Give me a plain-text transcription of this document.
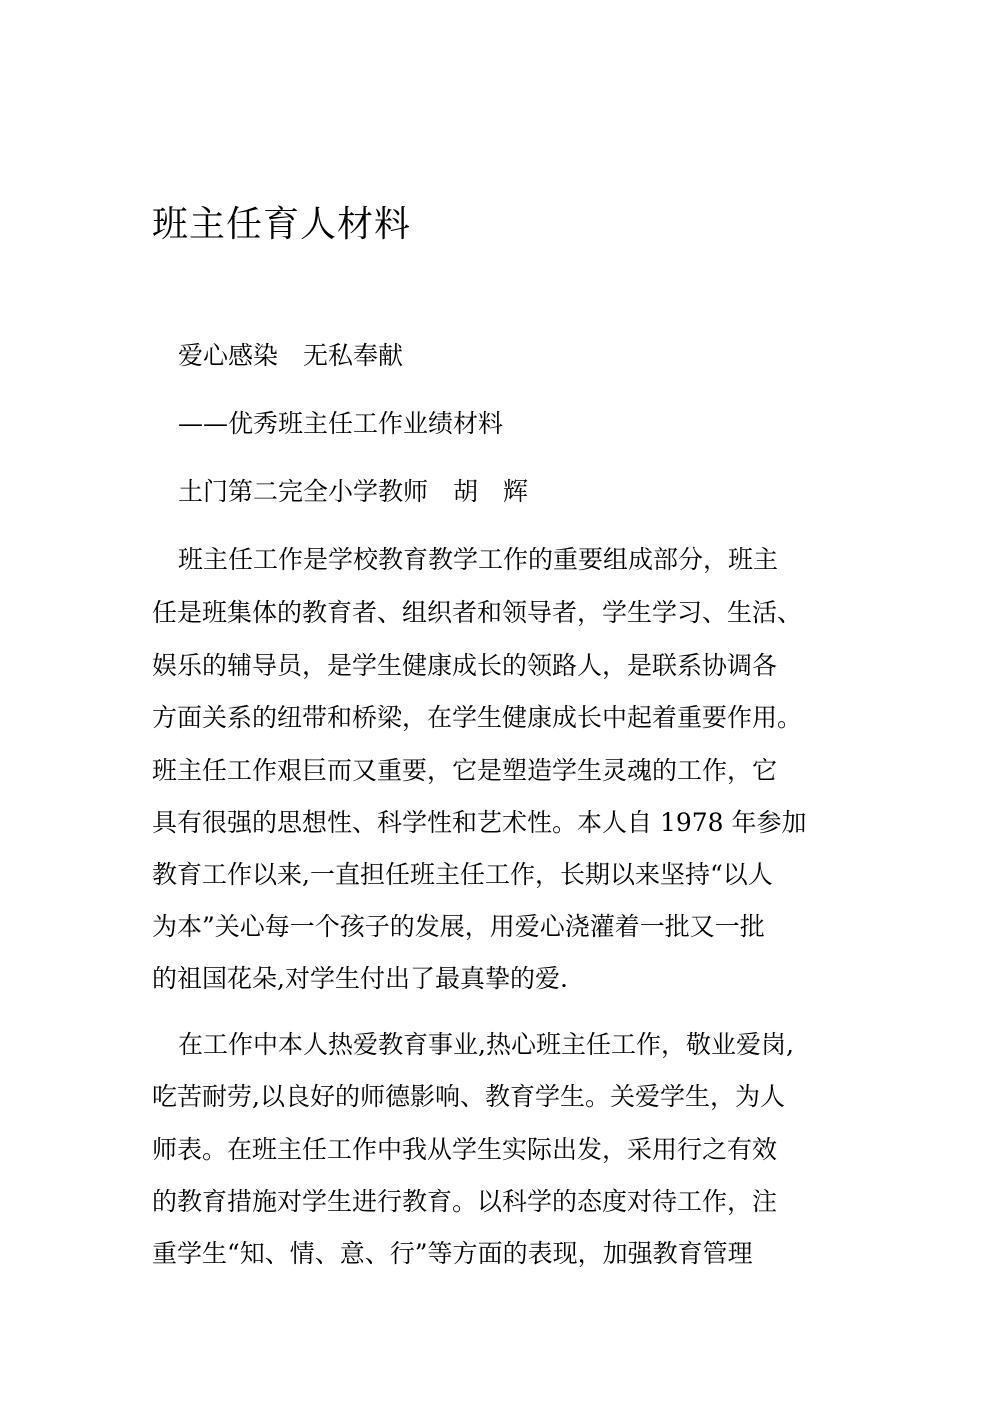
班主任育人材料
爱心感染　无私奉献
——优秀班主任工作业绩材料
土门第二完全小学教师　胡　辉
班主任工作是学校教育教学工作的重要组成部分，班主
任是班集体的教育者、组织者和领导者，学生学习、生活、
娱乐的辅导员，是学生健康成长的领路人，是联系协调各
方面关系的纽带和桥梁，在学生健康成长中起着重要作用。
班主任工作艰巨而又重要，它是塑造学生灵魂的工作，它
具有很强的思想性、科学性和艺术性。本人自 1978 年参加
教育工作以来,一直担任班主任工作，长期以来坚持“以人
为本”关心每一个孩子的发展，用爱心浇灌着一批又一批
的祖国花朵,对学生付出了最真挚的爱.
在工作中本人热爱教育事业,热心班主任工作，敬业爱岗,
吃苦耐劳,以良好的师德影响、教育学生。关爱学生，为人
师表。在班主任工作中我从学生实际出发，采用行之有效
的教育措施对学生进行教育。以科学的态度对待工作，注
重学生“知、情、意、行”等方面的表现，加强教育管理
